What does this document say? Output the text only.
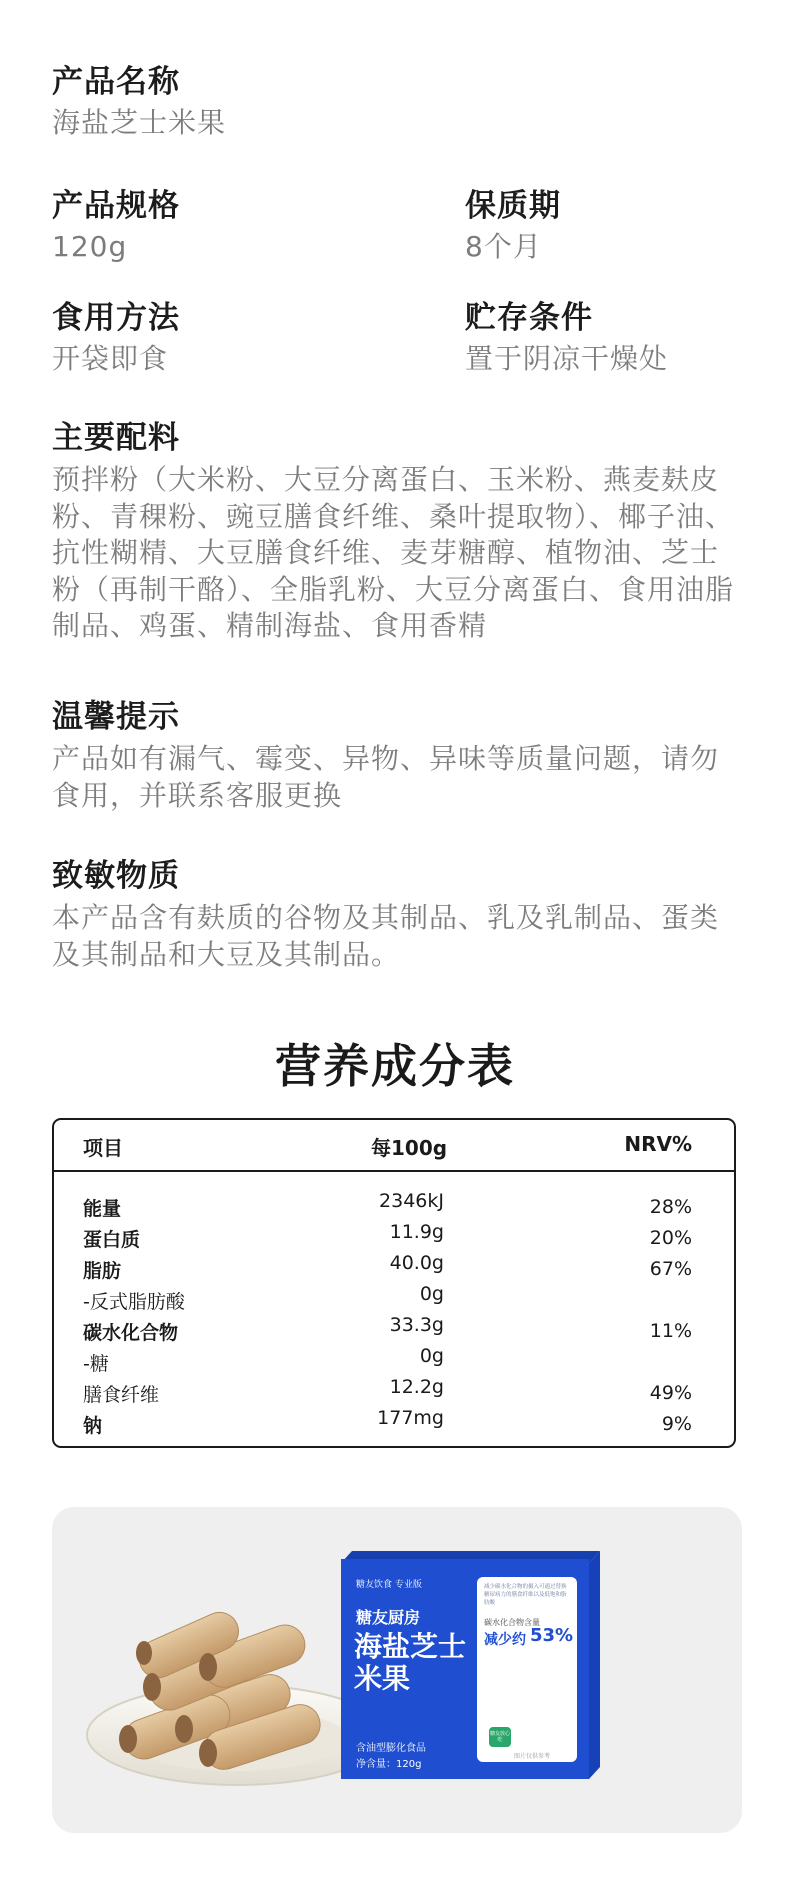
产品名称
海盐芝士米果
产品规格
120g
保质期
8个月
食用方法
开袋即食
贮存条件
置于阴凉干燥处
主要配料
预拌粉（大米粉、大豆分离蛋白、玉米粉、燕麦麸皮粉、青稞粉、豌豆膳食纤维、桑叶提取物）、椰子油、抗性糊精、大豆膳食纤维、麦芽糖醇、植物油、芝士粉（再制干酪）、全脂乳粉、大豆分离蛋白、食用油脂制品、鸡蛋、精制海盐、食用香精
温馨提示
产品如有漏气、霉变、异物、异味等质量问题，请勿食用，并联系客服更换
致敏物质
本产品含有麸质的谷物及其制品、乳及乳制品、蛋类及其制品和大豆及其制品。
营养成分表
项目	每100g	NRV%
能量	2346kJ	28%
蛋白质	11.9g	20%
脂肪	40.0g	67%
-反式脂肪酸	0g
碳水化合物	33.3g	11%
-糖	0g
膳食纤维	12.2g	49%
钠	177mg	9%
糖友饮食 专业版
糖友厨房
海盐芝士
米果
含油型膨化食品
净含量：120g
减少碳水化合物的摄入可通过替换糖尿病力的膳食纤维以及低饱和脂肪酸
碳水化合物含量
减少约 53%
糖友放心吃
图片仅供参考
